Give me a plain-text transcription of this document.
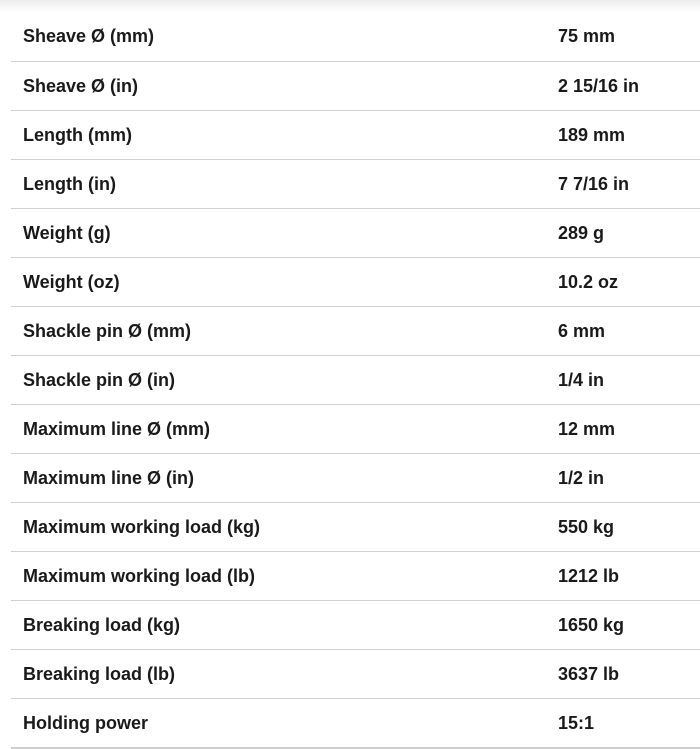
Sheave Ø (mm)	75 mm
Sheave Ø (in)	2 15/16 in
Length (mm)	189 mm
Length (in)	7 7/16 in
Weight (g)	289 g
Weight (oz)	10.2 oz
Shackle pin Ø (mm)	6 mm
Shackle pin Ø (in)	1/4 in
Maximum line Ø (mm)	12 mm
Maximum line Ø (in)	1/2 in
Maximum working load (kg)	550 kg
Maximum working load (lb)	1212 lb
Breaking load (kg)	1650 kg
Breaking load (lb)	3637 lb
Holding power	15:1
